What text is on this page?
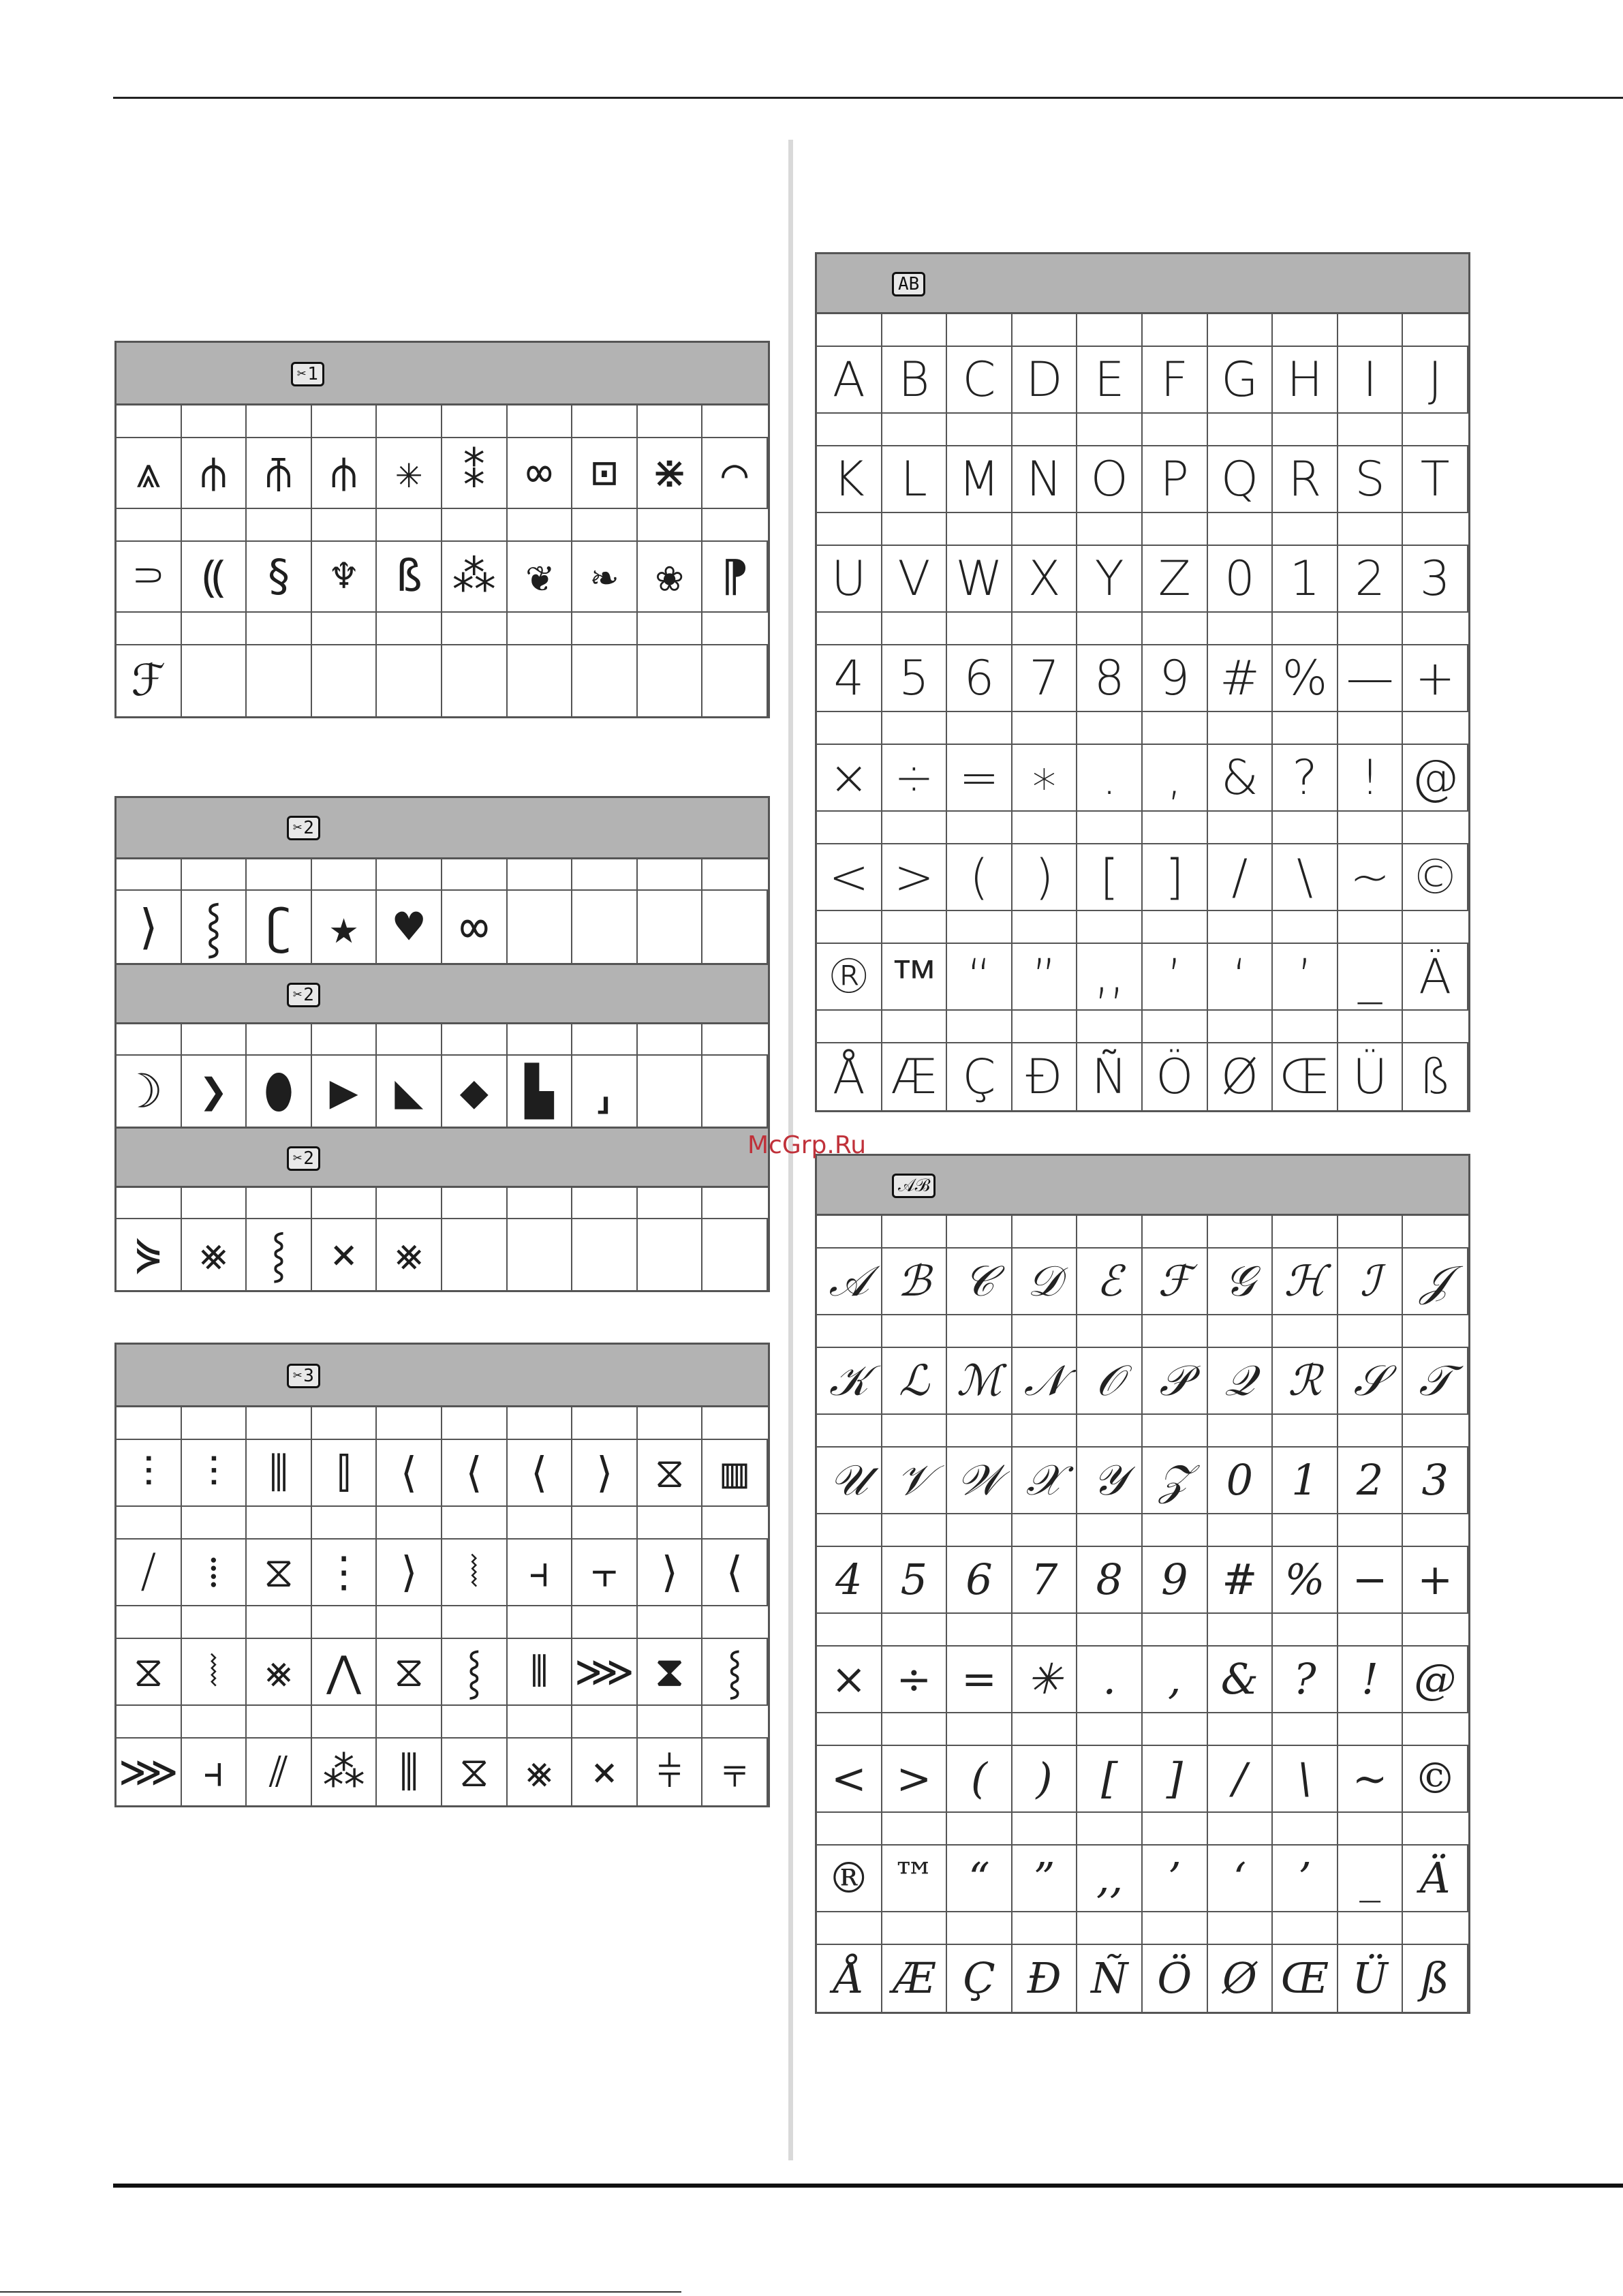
✂ 1
⩓ ⫛ ⫚ ⫛ ✳ ⁑ ∞ ⊡ ⋇ ⌒
⸧ ⸨ § ♆ ß ⁂ ❦ ❧ ❀ ⁋
ℱ
✂ 2
⟩ ⸾ ʗ ★ ♥ ∞
✂ 2
☽ ❯ ⬮ ▶ ◣ ◆ ▙ ⸥
✂ 2
⋟ ⨳ ⸾ ⨯ ⨳
✂ 3
⫶ ⫶ ⫼ ⫿ ⟨ ⟨ ⟨ ⟩ ⧖ ▥
⧸ ⁞ ⧖ ⋮ ⟩ ⦚ ⫞ ⫟ ⟩ ⟨
⧖ ⦚ ⨳ ⋀ ⧖ ⸾ ⫴ ⋙ ⧗ ⸾
⋙ ⫞ ⫽ ⁂ ⫼ ⧖ ⨳ ⨯ ⫩ ⫧
AB
A B C D E F G H I J
K L M N O P Q R S T
U V W X Y Z 0 1 2 3
4 5 6 7 8 9 # % — +
× ÷ = ∗ . , & ? ! @
< > ( ) [ ] / \ ~ ©
® ™ “ ” ‚‚ ’ ‘ ’ _ Ä
Å Æ Ç Ð Ñ Ö Ø Œ Ü ß
𝒜ℬ
𝒜 ℬ 𝒞 𝒟 ℰ ℱ 𝒢 ℋ ℐ 𝒥
𝒦 ℒ ℳ 𝒩 𝒪 𝒫 𝒬 ℛ 𝒮 𝒯
𝒰 𝒱 𝒲 𝒳 𝒴 𝒵 0 1 2 3
4 5 6 7 8 9 # % − +
× ÷ = ✳ . , & ? ! @
< > ( ) [ ] / \ ~ ©
® ™ “ ” ‚‚ ’ ‘ ’ _ Ä
Å Æ Ç Ð Ñ Ö Ø Œ Ü ß
McGrp.Ru
